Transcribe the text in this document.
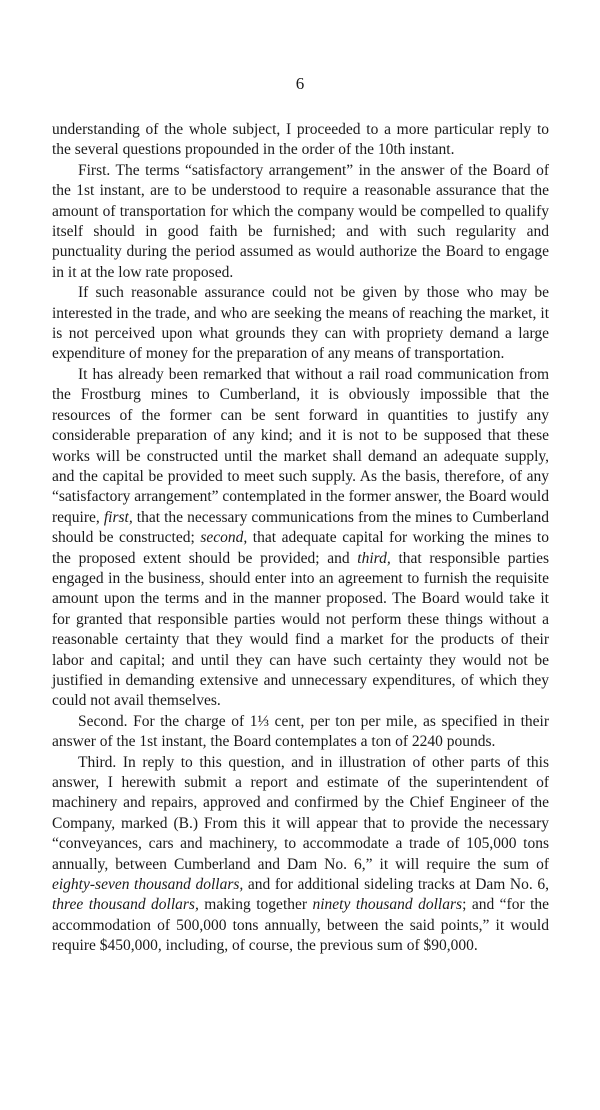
6

understanding of the whole subject, I proceeded to a more particular reply to the several questions propounded in the order of the 10th instant.

First. The terms “satisfactory arrangement” in the answer of the Board of the 1st instant, are to be understood to require a reasonable assurance that the amount of transportation for which the company would be compelled to qualify itself should in good faith be furnished; and with such regularity and punctuality during the period assumed as would authorize the Board to engage in it at the low rate proposed.

If such reasonable assurance could not be given by those who may be interested in the trade, and who are seeking the means of reaching the market, it is not perceived upon what grounds they can with propriety demand a large expenditure of money for the preparation of any means of transportation.

It has already been remarked that without a rail road communication from the Frostburg mines to Cumberland, it is obviously impossible that the resources of the former can be sent forward in quantities to justify any considerable preparation of any kind; and it is not to be supposed that these works will be constructed until the market shall demand an adequate supply, and the capital be provided to meet such supply. As the basis, therefore, of any “satisfactory arrangement” contemplated in the former answer, the Board would require, first, that the necessary communications from the mines to Cumberland should be constructed; second, that adequate capital for working the mines to the proposed extent should be provided; and third, that responsible parties engaged in the business, should enter into an agreement to furnish the requisite amount upon the terms and in the manner proposed. The Board would take it for granted that responsible parties would not perform these things without a reasonable certainty that they would find a market for the products of their labor and capital; and until they can have such certainty they would not be justified in demanding extensive and unnecessary expenditures, of which they could not avail themselves.

Second. For the charge of 1⅓ cent, per ton per mile, as specified in their answer of the 1st instant, the Board contemplates a ton of 2240 pounds.

Third. In reply to this question, and in illustration of other parts of this answer, I herewith submit a report and estimate of the superintendent of machinery and repairs, approved and confirmed by the Chief Engineer of the Company, marked (B.) From this it will appear that to provide the necessary “conveyances, cars and machinery, to accommodate a trade of 105,000 tons annually, between Cumberland and Dam No. 6,” it will require the sum of eighty-seven thousand dollars, and for additional sideling tracks at Dam No. 6, three thousand dollars, making together ninety thousand dollars; and “for the accommodation of 500,000 tons annually, between the said points,” it would require $450,000, including, of course, the previous sum of $90,000.
